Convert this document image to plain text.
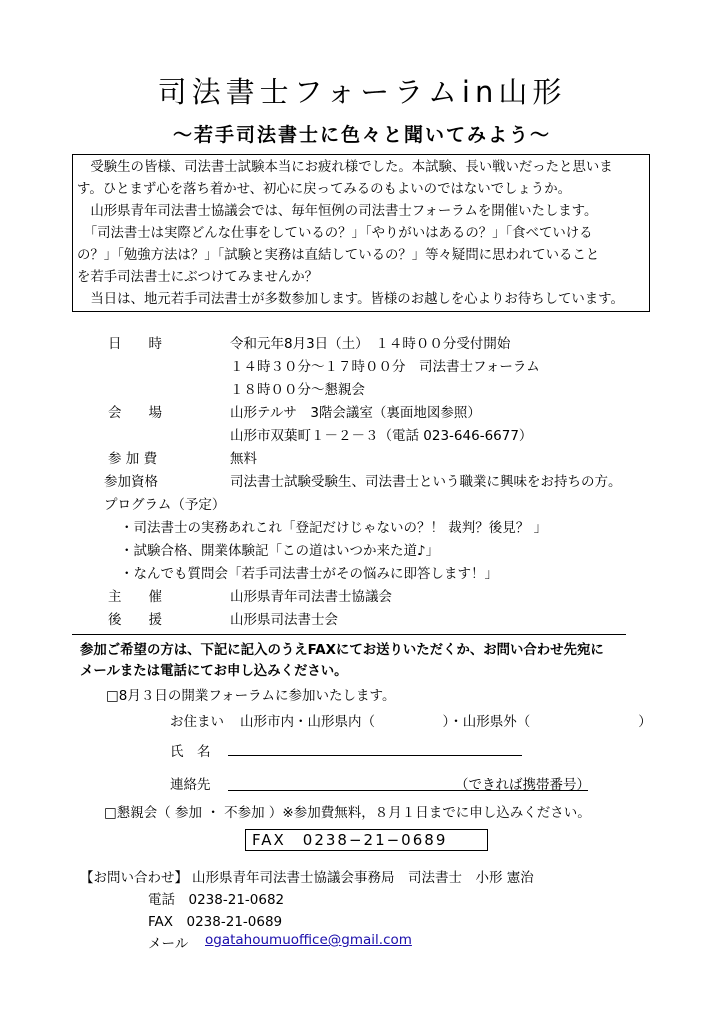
司法書士フォーラムin山形
～若手司法書士に色々と聞いてみよう～

　受験生の皆様、司法書士試験本当にお疲れ様でした。本試験、長い戦いだったと思いま

す。ひとまず心を落ち着かせ、初心に戻ってみるのもよいのではないでしょうか。

　山形県青年司法書士協議会では、毎年恒例の司法書士フォーラムを開催いたします。

　「司法書士は実際どんな仕事をしているの？」「やりがいはあるの？」「食べていける

の？」「勉強方法は？」「試験と実務は直結しているの？」等々疑問に思われていること

を若手司法書士にぶつけてみませんか？

　当日は、地元若手司法書士が多数参加します。皆様のお越しを心よりお待ちしています。

日　　時	令和元年8月3日（土）　１４時００分受付開始
１４時３０分～１７時００分　司法書士フォーラム
１８時００分～懇親会
会　　場	山形テルサ　3階会議室（裏面地図参照）
山形市双葉町１－２－３（電話 023-646-6677）
参 加 費	無料
参加資格	司法書士試験受験生、司法書士という職業に興味をお持ちの方。
プログラム（予定）
・司法書士の実務あれこれ「登記だけじゃないの？！ 裁判？後見？ 」
・試験合格、開業体験記「この道はいつか来た道♪」
・なんでも質問会「若手司法書士がその悩みに即答します！」
主　　催	山形県青年司法書士協議会
後　　援	山形県司法書士会
参加ご希望の方は、下記に記入のうえFAXにてお送りいただくか、お問い合わせ先宛に
メールまたは電話にてお申し込みください。
□8月３日の開業フォーラムに参加いたします。
お住まい 山形市内・山形県内（　　　　　）・山形県外（　　　　　　　　）
氏　名
連絡先	（できれば携帯番号）
□懇親会（ 参加 ・ 不参加 ）※参加費無料，８月１日までに申し込みください。
FAX　0238−21−0689
【お問い合わせ】 山形県青年司法書士協議会事務局　司法書士　小形 憲治
電話　0238-21-0682
FAX　0238-21-0689
メール ogatahoumuoffice@gmail.com
